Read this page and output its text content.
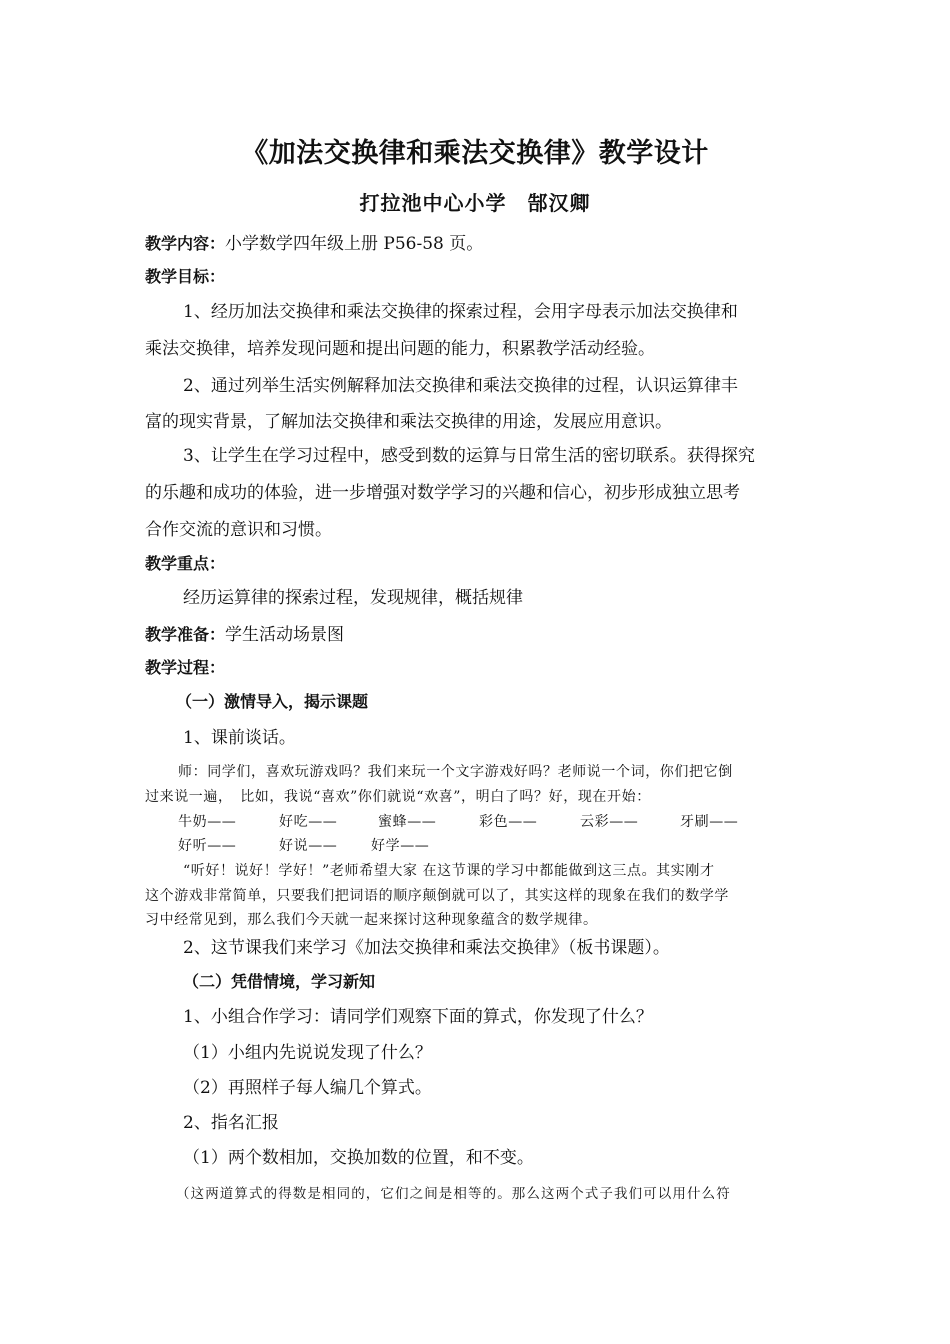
《加法交换律和乘法交换律》教学设计
打拉池中心小学　郜汉卿
教学内容：小学数学四年级上册 P56-58 页。
教学目标：
1、经历加法交换律和乘法交换律的探索过程，会用字母表示加法交换律和
乘法交换律，培养发现问题和提出问题的能力，积累教学活动经验。
2、通过列举生活实例解释加法交换律和乘法交换律的过程，认识运算律丰
富的现实背景，了解加法交换律和乘法交换律的用途，发展应用意识。
3、让学生在学习过程中，感受到数的运算与日常生活的密切联系。获得探究
的乐趣和成功的体验，进一步增强对数学学习的兴趣和信心，初步形成独立思考
合作交流的意识和习惯。
教学重点：
经历运算律的探索过程，发现规律，概括规律
教学准备：学生活动场景图
教学过程：
（一）激情导入，揭示课题
1、课前谈话。
师：同学们，喜欢玩游戏吗？我们来玩一个文字游戏好吗？老师说一个词，你们把它倒
过来说一遍，　比如，我说“喜欢”你们就说“欢喜”，明白了吗？好，现在开始：
牛奶——	好吃——	蜜蜂——	彩色——	云彩——	牙刷——
好听——	好说—— 好学——
“听好！说好！学好！”老师希望大家 在这节课的学习中都能做到这三点。其实刚才
这个游戏非常简单，只要我们把词语的顺序颠倒就可以了，其实这样的现象在我们的数学学
习中经常见到，那么我们今天就一起来探讨这种现象蕴含的数学规律。
2、这节课我们来学习《加法交换律和乘法交换律》（板书课题）。
（二）凭借情境，学习新知
1、小组合作学习：请同学们观察下面的算式，你发现了什么？
（1）小组内先说说发现了什么？
（2）再照样子每人编几个算式。
2、指名汇报
（1）两个数相加，交换加数的位置，和不变。
（这两道算式的得数是相同的，它们之间是相等的。那么这两个式子我们可以用什么符
